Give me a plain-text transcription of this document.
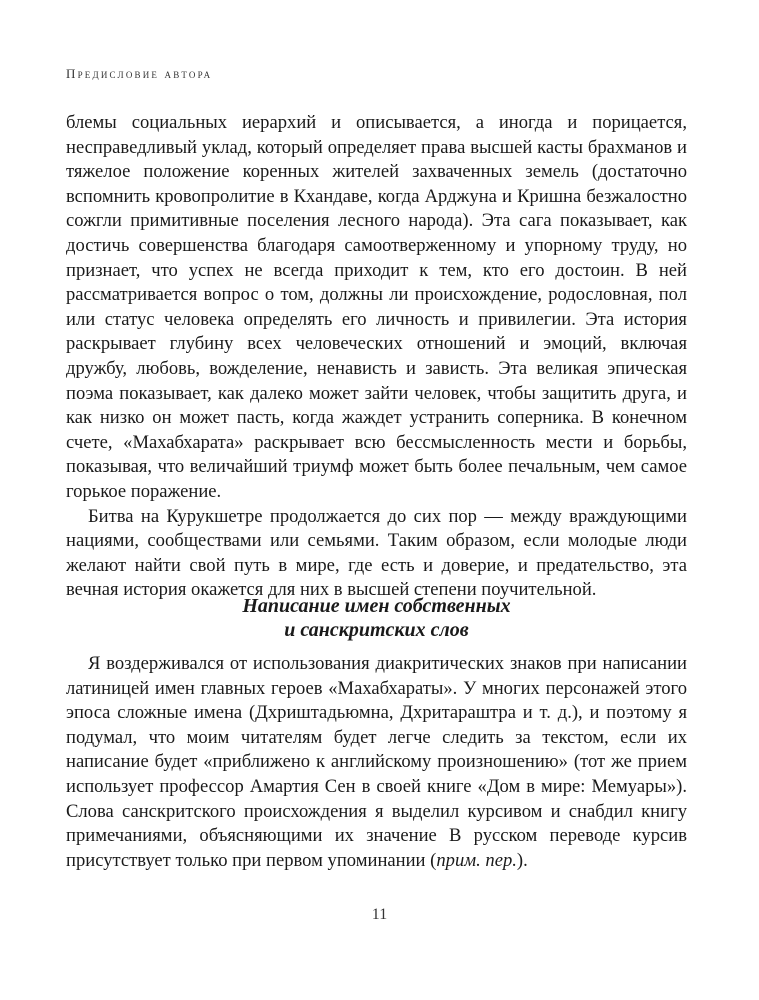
Предисловие автора

блемы социальных иерархий и описывается, а иногда и порицается, несправедливый уклад, который определяет права высшей касты брахманов и тяжелое положение коренных жителей захваченных земель (достаточно вспомнить кровопролитие в Кхандаве, когда Арджуна и Кришна безжалостно сожгли примитивные поселения лесного народа). Эта сага показывает, как достичь совершенства благодаря самоотверженному и упорному труду, но признает, что успех не всегда приходит к тем, кто его достоин. В ней рассматривается вопрос о том, должны ли происхождение, родословная, пол или статус человека определять его личность и привилегии. Эта история раскрывает глубину всех человеческих отношений и эмоций, включая дружбу, любовь, вожделение, ненависть и зависть. Эта великая эпическая поэма показывает, как далеко может зайти человек, чтобы защитить друга, и как низко он может пасть, когда жаждет устранить соперника. В конечном счете, «Махабхарата» раскрывает всю бессмысленность мести и борьбы, показывая, что величайший триумф может быть более печальным, чем самое горькое поражение.

Битва на Курукшетре продолжается до сих пор — между враждующими нациями, сообществами или семьями. Таким образом, если молодые люди желают найти свой путь в мире, где есть и доверие, и предательство, эта вечная история окажется для них в высшей степени поучительной.

Написание имен собственных
и санскритских слов

Я воздерживался от использования диакритических знаков при написании латиницей имен главных героев «Махабхараты». У многих персонажей этого эпоса сложные имена (Дхриштадьюмна, Дхритараштра и т. д.), и поэтому я подумал, что моим читателям будет легче следить за текстом, если их написание будет «приближено к английскому произношению» (тот же прием использует профессор Амартия Сен в своей книге «Дом в мире: Мемуары»). Слова санскритского происхождения я выделил курсивом и снабдил книгу примечаниями, объясняющими их значение В русском переводе курсив присутствует только при первом упоминании (прим. пер.).

11
